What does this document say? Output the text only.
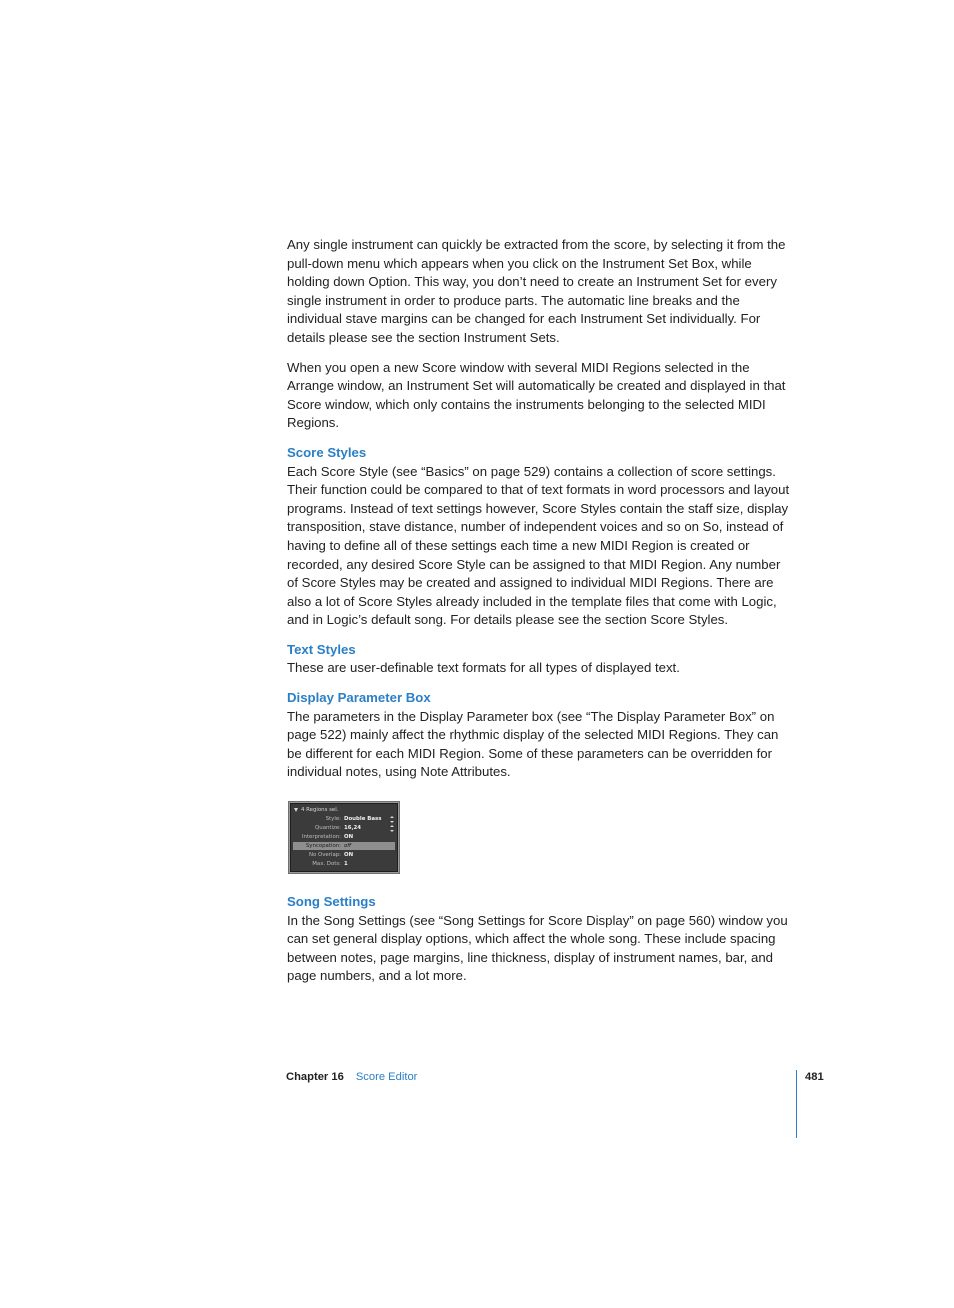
Any single instrument can quickly be extracted from the score, by selecting it from the pull-down menu which appears when you click on the Instrument Set Box, while holding down Option. This way, you don’t need to create an Instrument Set for every single instrument in order to produce parts. The automatic line breaks and the individual stave margins can be changed for each Instrument Set individually. For details please see the section Instrument Sets.

When you open a new Score window with several MIDI Regions selected in the Arrange window, an Instrument Set will automatically be created and displayed in that Score window, which only contains the instruments belonging to the selected MIDI Regions.

Score Styles

Each Score Style (see “Basics” on page 529) contains a collection of score settings. Their function could be compared to that of text formats in word processors and layout programs. Instead of text settings however, Score Styles contain the staff size, display transposition, stave distance, number of independent voices and so on So, instead of having to define all of these settings each time a new MIDI Region is created or recorded, any desired Score Style can be assigned to that MIDI Region. Any number of Score Styles may be created and assigned to individual MIDI Regions. There are also a lot of Score Styles already included in the template files that come with Logic, and in Logic’s default song. For details please see the section Score Styles.

Text Styles

These are user-definable text formats for all types of displayed text.

Display Parameter Box

The parameters in the Display Parameter box (see “The Display Parameter Box” on page 522) mainly affect the rhythmic display of the selected MIDI Regions. They can be different for each MIDI Region. Some of these parameters can be overridden for individual notes, using Note Attributes.

4 Regions sel.
Style: Double Bass
Quantize: 16,24
Interpretation: ON
Syncopation: off
No Overlap: ON
Max. Dots: 1
Song Settings

In the Song Settings (see “Song Settings for Score Display” on page 560) window you can set general display options, which affect the whole song. These include spacing between notes, page margins, line thickness, display of instrument names, bar, and page numbers, and a lot more.

Chapter 16 Score Editor	481
